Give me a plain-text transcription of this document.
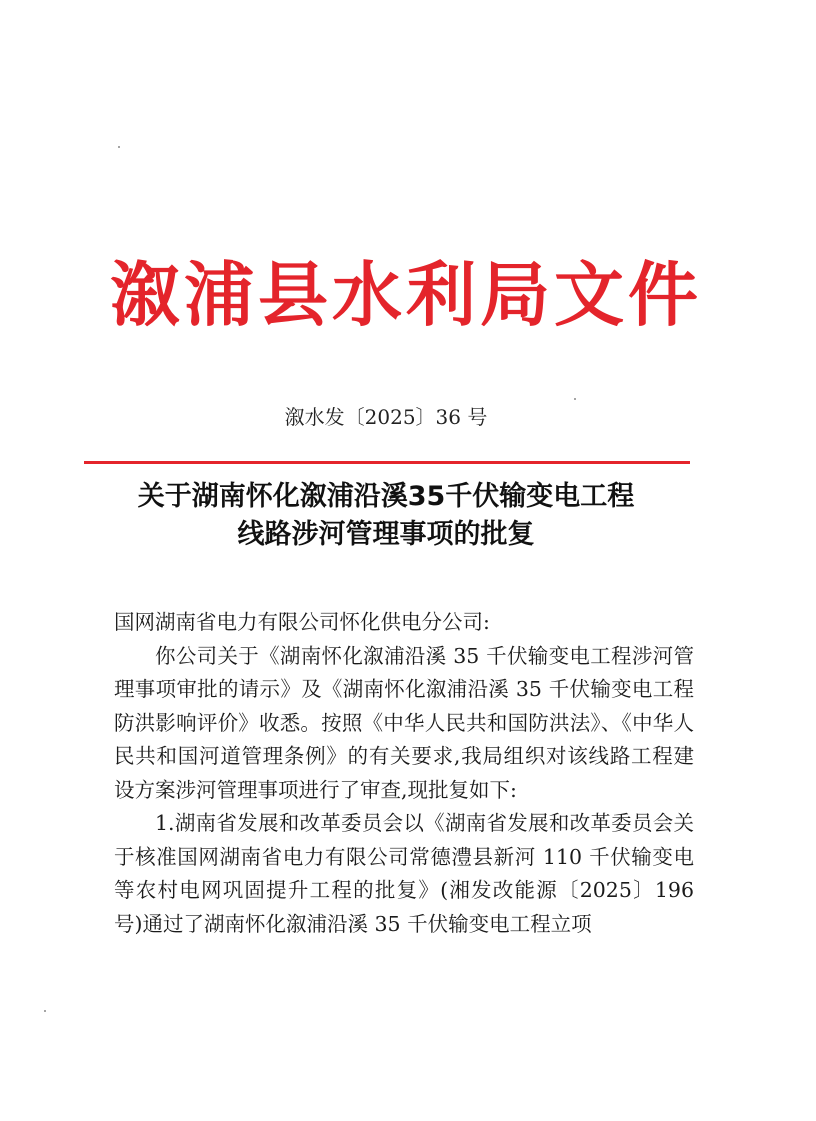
溆浦县水利局文件
溆水发〔2025〕36 号
关于湖南怀化溆浦沿溪35千伏输变电工程
线路涉河管理事项的批复

国网湖南省电力有限公司怀化供电分公司:

你公司关于《湖南怀化溆浦沿溪 35 千伏输变电工程涉河管理事项审批的请示》及《湖南怀化溆浦沿溪 35 千伏输变电工程防洪影响评价》收悉。按照《中华人民共和国防洪法》、《中华人民共和国河道管理条例》的有关要求,我局组织对该线路工程建设方案涉河管理事项进行了审查,现批复如下:

1.湖南省发展和改革委员会以《湖南省发展和改革委员会关于核准国网湖南省电力有限公司常德澧县新河 110 千伏输变电等农村电网巩固提升工程的批复》(湘发改能源〔2025〕196 号)通过了湖南怀化溆浦沿溪 35 千伏输变电工程立项
